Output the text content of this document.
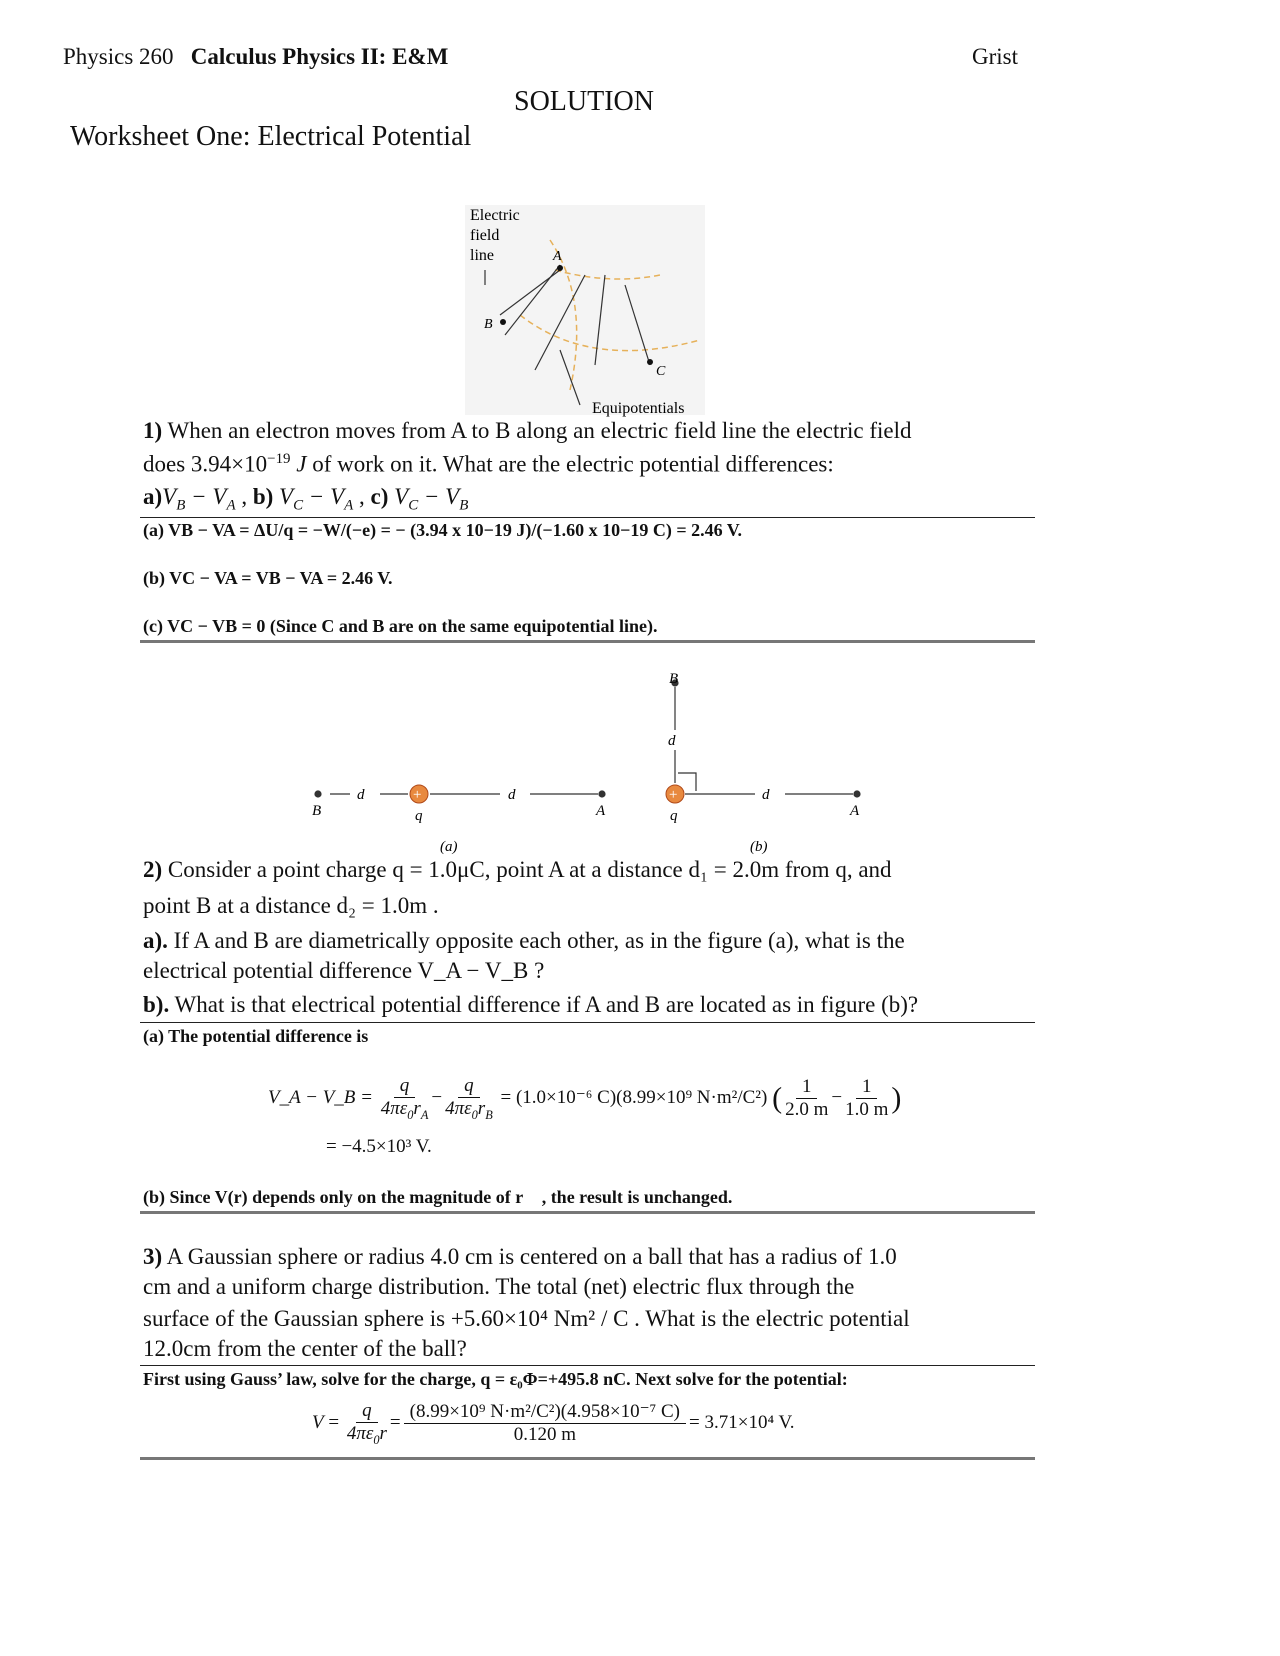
Physics 260 Calculus Physics II: E&M	Grist
SOLUTION
Worksheet One: Electrical Potential
Electric
field
line	A
B
C
Equipotentials
1) When an electron moves from A to B along an electric field line the electric field
does $3.94\times 10^{-19}$ J of work on it. What are the electric potential differences:
$a)V_B - V_A$ , b) $V_C - V_A$ , c) $V_C - V_B$
(a) VB − VA = ΔU/q = −W/(−e) = − (3.94 x 10−19 J)/(−1.60 x 10−19 C) = 2.46 V.
(b) VC − VA = VB − VA = 2.46 V.
(c) VC − VB = 0 (Since C and B are on the same equipotential line).
+	+
B
d
q
d
A
B
d
q
d
A
(a)	(b)
2) Consider a point charge q = 1.0μC, point A at a distance d₁ = 2.0m from q, and
point B at a distance d₂ = 1.0m .
a). If A and B are diametrically opposite each other, as in the figure (a), what is the
electrical potential difference V_A − V_B ?
b). What is that electrical potential difference if A and B are located as in figure (b)?
(a) The potential difference is
V_A − V_B = $\frac{q}{4\pi\varepsilon_0r_A} - \frac{q}{4\pi\varepsilon_0r_B} = (1.0\times 10^{-6}$ C)(8.99×10⁹ N·m²/C²) ( $\frac{1}{2.0 m} - \frac{1}{1.0 m}$ )
= −4.5×10³ V.
(b) Since V(r) depends only on the magnitude of r⃗ , the result is unchanged.
3) A Gaussian sphere or radius 4.0 cm is centered on a ball that has a radius of 1.0
cm and a uniform charge distribution. The total (net) electric flux through the
surface of the Gaussian sphere is +5.60×10⁴ Nm² / C . What is the electric potential
12.0cm from the center of the ball?
First using Gauss’ law, solve for the charge, q = ε₀Φ=+495.8 nC. Next solve for the potential:
$V = \frac{q}{4\pi\varepsilon_0r} = \frac{\text{(8.99×10⁹ N·m²/C²)(4.958×10⁻⁷ C)}}{0.120 m} = 3.71\times 10^4$ V.
